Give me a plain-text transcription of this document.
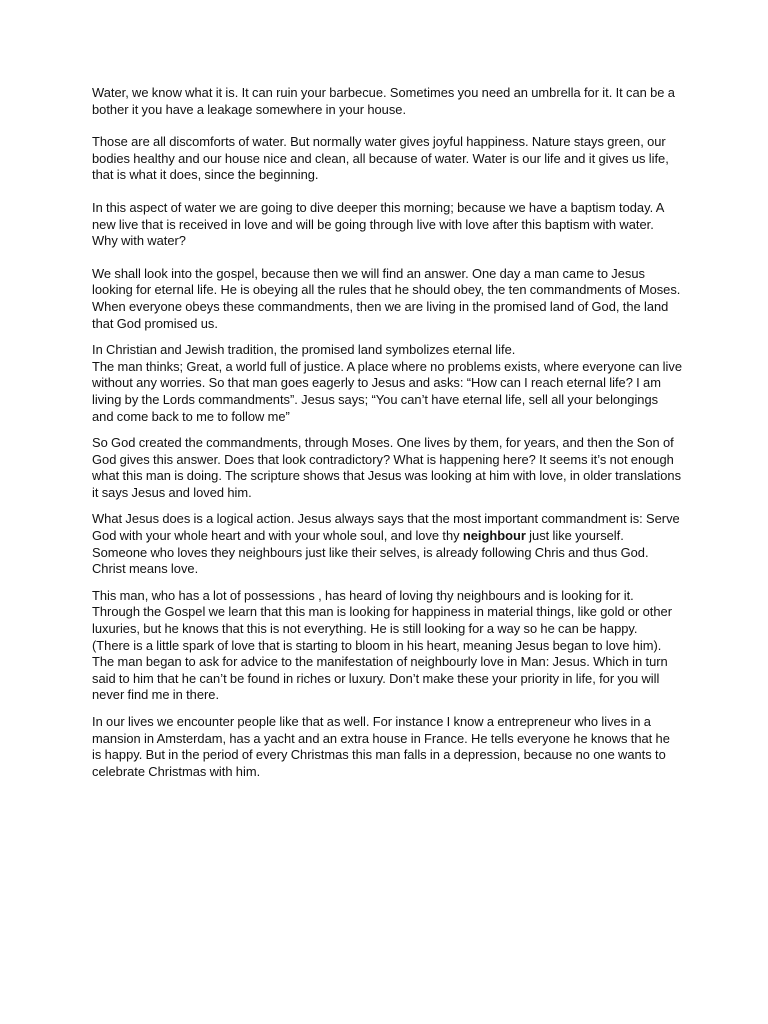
Water, we know what it is. It can ruin your barbecue. Sometimes you need an umbrella for it. It can be a bother it you have a leakage somewhere in your house.

Those are all discomforts of water. But normally water gives joyful happiness. Nature stays green, our bodies healthy and our house nice and clean, all because of water. Water is our life and it gives us life, that is what it does, since the beginning.

In this aspect of water we are going to dive deeper this morning; because we have a baptism today. A new live that is received in love and will be going through live with love after this baptism with water. Why with water?

We shall look into the gospel, because then we will find an answer. One day a man came to Jesus looking for eternal life. He is obeying all the rules that he should obey, the ten commandments of Moses.

When everyone obeys these commandments, then we are living in the promised land of God, the land that God promised us.

In Christian and Jewish tradition, the promised land symbolizes eternal life.

The man thinks; Great, a world full of justice. A place where no problems exists, where everyone can live without any worries. So that man goes eagerly to Jesus and asks: “How can I reach eternal life? I am living by the Lords commandments”. Jesus says; “You can’t have eternal life, sell all your belongings and come back to me to follow me”

So God created the commandments, through Moses. One lives by them, for years, and then the Son of God gives this answer. Does that look contradictory? What is happening here? It seems it’s not enough what this man is doing. The scripture shows that Jesus was looking at him with love, in older translations it says Jesus and loved him.

What Jesus does is a logical action. Jesus always says that the most important commandment is: Serve God with your whole heart and with your whole soul, and love thy neighbour just like yourself. Someone who loves they neighbours just like their selves, is already following Chris and thus God. Christ means love.

This man, who has a lot of possessions , has heard of loving thy neighbours and is looking for it. Through the Gospel we learn that this man is looking for happiness in material things, like gold or other luxuries, but he knows that this is not everything. He is still looking for a way so he can be happy.

(There is a little spark of love that is starting to bloom in his heart, meaning Jesus began to love him). The man began to ask for advice to the manifestation of neighbourly love in Man: Jesus. Which in turn said to him that he can’t be found in riches or luxury. Don’t make these your priority in life, for you will never find me in there.

In our lives we encounter people like that as well. For instance I know a entrepreneur who lives in a mansion in Amsterdam, has a yacht and an extra house in France. He tells everyone he knows that he is happy. But in the period of every Christmas this man falls in a depression, because no one wants to celebrate Christmas with him.
